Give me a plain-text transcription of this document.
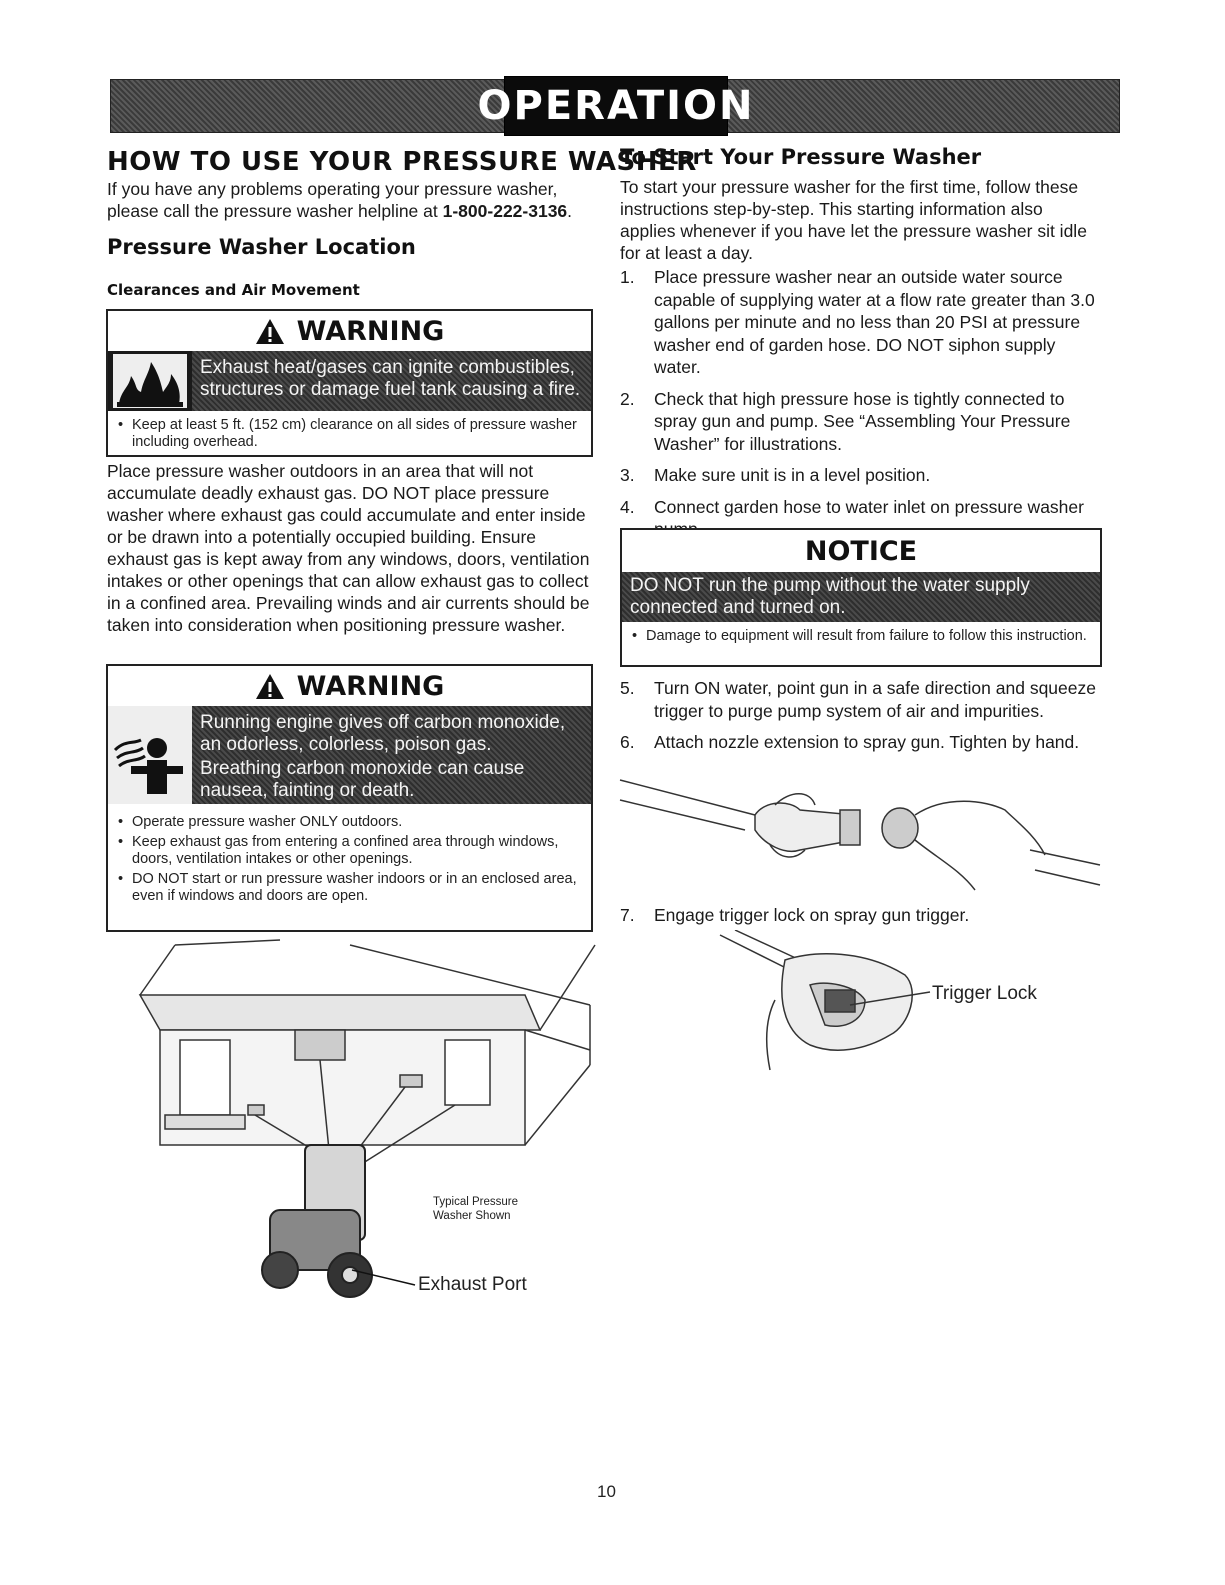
OPERATION
HOW TO USE YOUR PRESSURE WASHER
If you have any problems operating your pressure washer, please call the pressure washer helpline at 1-800-222-3136.
Pressure Washer Location
Clearances and Air Movement
WARNING
Exhaust heat/gases can ignite combustibles, structures or damage fuel tank causing a fire.
• Keep at least 5 ft. (152 cm) clearance on all sides of pressure washer including overhead.
Place pressure washer outdoors in an area that will not accumulate deadly exhaust gas. DO NOT place pressure washer where exhaust gas could accumulate and enter inside or be drawn into a potentially occupied building. Ensure exhaust gas is kept away from any windows, doors, ventilation intakes or other openings that can allow exhaust gas to collect in a confined area. Prevailing winds and air currents should be taken into consideration when positioning pressure washer.
WARNING
Running engine gives off carbon monoxide, an odorless, colorless, poison gas.
Breathing carbon monoxide can cause nausea, fainting or death.
• Operate pressure washer ONLY outdoors.
• Keep exhaust gas from entering a confined area through windows, doors, ventilation intakes or other openings.
• DO NOT start or run pressure washer indoors or in an enclosed area, even if windows and doors are open.
Typical Pressure Washer Shown
Exhaust Port
To Start Your Pressure Washer
To start your pressure washer for the first time, follow these instructions step-by-step. This starting information also applies whenever if you have let the pressure washer sit idle for at least a day.
1. Place pressure washer near an outside water source capable of supplying water at a flow rate greater than 3.0 gallons per minute and no less than 20 PSI at pressure washer end of garden hose. DO NOT siphon supply water.
2. Check that high pressure hose is tightly connected to spray gun and pump. See “Assembling Your Pressure Washer” for illustrations.
3. Make sure unit is in a level position.
4. Connect garden hose to water inlet on pressure washer
NOTICE
DO NOT run the pump without the water supply connected and turned on.
• Damage to equipment will result from failure to follow this instruction.
5. Turn ON water, point gun in a safe direction and squeeze trigger to purge pump system of air and impurities.
6. Attach nozzle extension to spray gun. Tighten by hand.
7. Engage trigger lock on spray gun trigger.
Trigger Lock
10
